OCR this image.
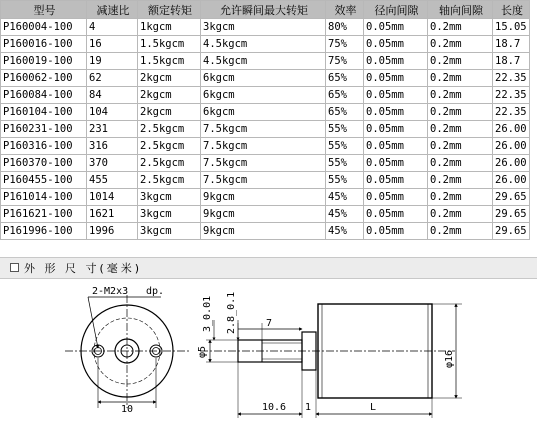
型号	减速比	额定转矩	允许瞬间最大转矩	效率	径向间隙	轴向间隙	长度
P160004-100	4	1kgcm	3kgcm	80%	0.05mm	0.2mm	15.05
P160016-100	16	1.5kgcm	4.5kgcm	75%	0.05mm	0.2mm	18.7
P160019-100	19	1.5kgcm	4.5kgcm	75%	0.05mm	0.2mm	18.7
P160062-100	62	2kgcm	6kgcm	65%	0.05mm	0.2mm	22.35
P160084-100	84	2kgcm	6kgcm	65%	0.05mm	0.2mm	22.35
P160104-100	104	2kgcm	6kgcm	65%	0.05mm	0.2mm	22.35
P160231-100	231	2.5kgcm	7.5kgcm	55%	0.05mm	0.2mm	26.00
P160316-100	316	2.5kgcm	7.5kgcm	55%	0.05mm	0.2mm	26.00
P160370-100	370	2.5kgcm	7.5kgcm	55%	0.05mm	0.2mm	26.00
P160455-100	455	2.5kgcm	7.5kgcm	55%	0.05mm	0.2mm	26.00
P161014-100	1014	3kgcm	9kgcm	45%	0.05mm	0.2mm	29.65
P161621-100	1621	3kgcm	9kgcm	45%	0.05mm	0.2mm	29.65
P161996-100	1996	3kgcm	9kgcm	45%	0.05mm	0.2mm	29.65
外 形 尺 寸(毫米)
2-M2x3 dp.
10
φ16
φ5
3_0.01 2.8_0.1	7
10.6 1	L
